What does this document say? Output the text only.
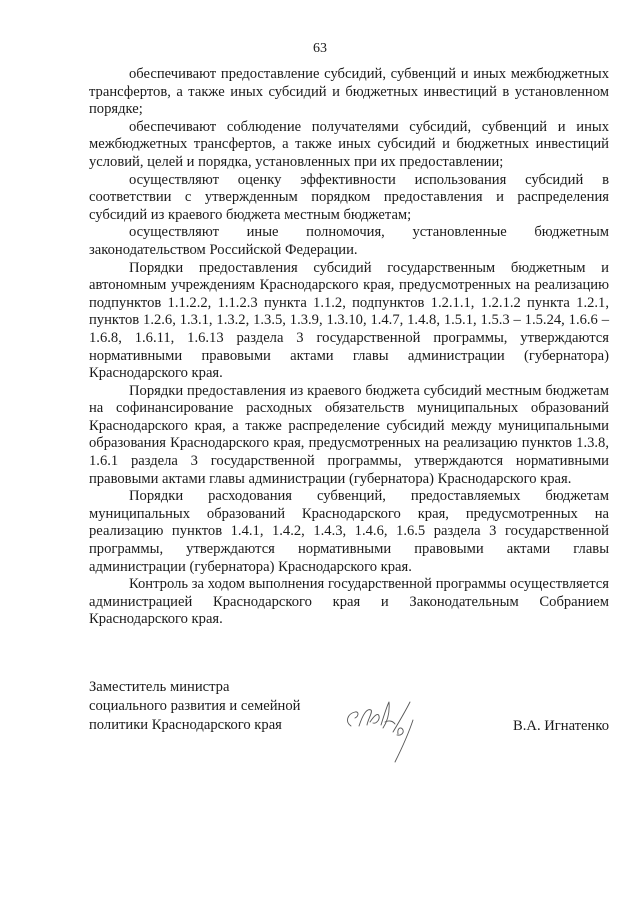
63

обеспечивают предоставление субсидий, субвенций и иных межбюджетных трансфертов, а также иных субсидий и бюджетных инвестиций в установленном порядке;

обеспечивают соблюдение получателями субсидий, субвенций и иных межбюджетных трансфертов, а также иных субсидий и бюджетных инвестиций условий, целей и порядка, установленных при их предоставлении;

осуществляют оценку эффективности использования субсидий в соответствии с утвержденным порядком предоставления и распределения субсидий из краевого бюджета местным бюджетам;

осуществляют иные полномочия, установленные бюджетным законодательством Российской Федерации.

Порядки предоставления субсидий государственным бюджетным и автономным учреждениям Краснодарского края, предусмотренных на реализацию подпунктов 1.1.2.2, 1.1.2.3 пункта 1.1.2, подпунктов 1.2.1.1, 1.2.1.2 пункта 1.2.1, пунктов 1.2.6, 1.3.1, 1.3.2, 1.3.5, 1.3.9, 1.3.10, 1.4.7, 1.4.8, 1.5.1, 1.5.3 – 1.5.24, 1.6.6 – 1.6.8, 1.6.11, 1.6.13 раздела 3 государственной программы, утверждаются нормативными правовыми актами главы администрации (губернатора) Краснодарского края.

Порядки предоставления из краевого бюджета субсидий местным бюджетам на софинансирование расходных обязательств муниципальных образований Краснодарского края, а также распределение субсидий между муниципальными образования Краснодарского края, предусмотренных на реализацию пунктов 1.3.8, 1.6.1 раздела 3 государственной программы, утверждаются нормативными правовыми актами главы администрации (губернатора) Краснодарского края.

Порядки расходования субвенций, предоставляемых бюджетам муниципальных образований Краснодарского края, предусмотренных на реализацию пунктов 1.4.1, 1.4.2, 1.4.3, 1.4.6, 1.6.5 раздела 3 государственной программы, утверждаются нормативными правовыми актами главы администрации (губернатора) Краснодарского края.

Контроль за ходом выполнения государственной программы осуществляется администрацией Краснодарского края и Законодательным Собранием Краснодарского края.

Заместитель министра
социального развития и семейной
политики Краснодарского края	В.А. Игнатенко
